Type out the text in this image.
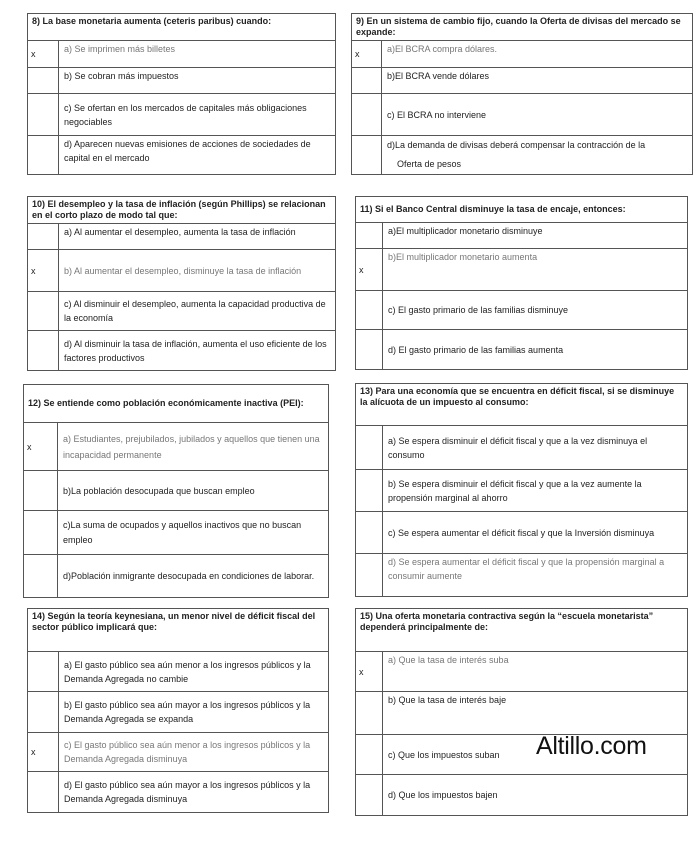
8) La base monetaria aumenta (ceteris paribus) cuando:	
x	a) Se imprimen más billetes
	b) Se cobran más impuestos
	c) Se ofertan en los mercados de capitales más obligaciones negociables
	d) Aparecen nuevas emisiones de acciones de sociedades de capital en el mercado
9) En un sistema de cambio fijo, cuando la Oferta de divisas del mercado se expande:	
x	a)El BCRA compra dólares.
	b)El BCRA vende dólares
	c) El BCRA no interviene

	d)La demanda de divisas deberá compensar la contracción de la
Oferta de pesos
10) El desempleo y la tasa de inflación (según Phillips) se relacionan en el corto plazo de modo tal que:	
	a) Al aumentar el desempleo, aumenta la tasa de inflación
x	b) Al aumentar el desempleo, disminuye la tasa de inflación
	c) Al disminuir el desempleo, aumenta la capacidad productiva de la economía
	d) Al disminuir la tasa de inflación, aumenta el uso eficiente de los factores productivos
11) Si el Banco Central disminuye la tasa de encaje, entonces:	
	a)El multiplicador monetario disminuye
x	b)El multiplicador monetario aumenta
	c) El gasto primario de las familias disminuye
	d) El gasto primario de las familias aumenta
12) Se entiende como población económicamente inactiva (PEI):	
x	a) Estudiantes, prejubilados, jubilados y aquellos que tienen una incapacidad permanente
	b)La población desocupada que buscan empleo
	c)La suma de ocupados y aquellos inactivos que no buscan empleo
	d)Población inmigrante desocupada en condiciones de laborar.
13) Para una economía que se encuentra en déficit fiscal, si se disminuye la alícuota de un impuesto al consumo:	
	a) Se espera disminuir el déficit fiscal y que a la vez disminuya el consumo
	b) Se espera disminuir el déficit fiscal y que a la vez aumente la propensión marginal al ahorro
	c) Se espera aumentar el déficit fiscal y que la Inversión disminuya
	d) Se espera aumentar el déficit fiscal y que la propensión marginal a consumir aumente
14) Según la teoría keynesiana, un menor nivel de déficit fiscal del sector público implicará que:	
	a) El gasto público sea aún menor a los ingresos públicos y la Demanda Agregada no cambie
	b) El gasto público sea aún mayor a los ingresos públicos y la Demanda Agregada se expanda
x	c) El gasto público sea aún menor a los ingresos públicos y la Demanda Agregada disminuya
	d) El gasto público sea aún mayor a los ingresos públicos y la Demanda Agregada disminuya
15) Una oferta monetaria contractiva según la “escuela monetarista” dependerá principalmente de:	
x	a) Que la tasa de interés suba
	b) Que la tasa de interés baje
	c) Que los impuestos suban
	d) Que los impuestos bajen
Altillo.com
